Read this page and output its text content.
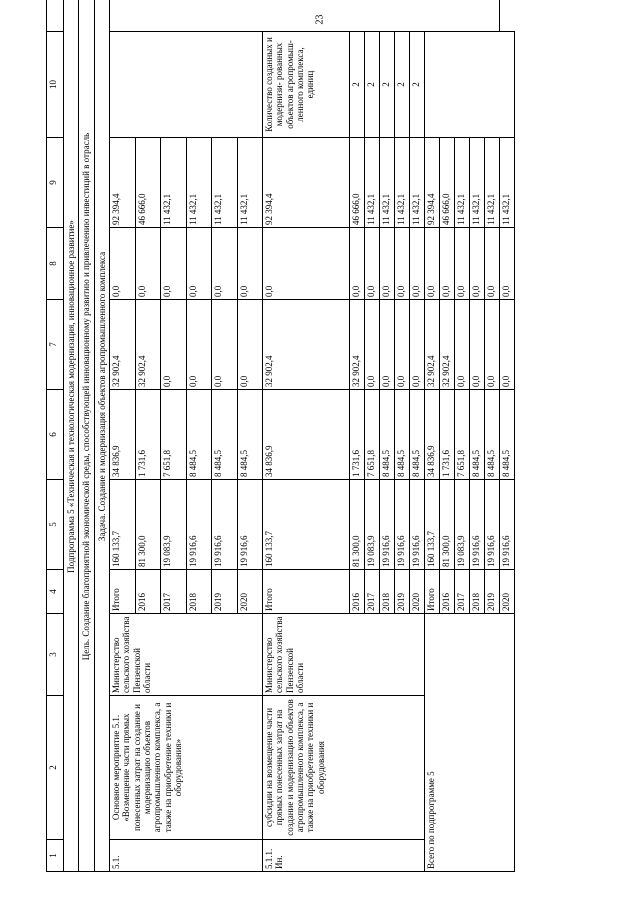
23
1	2	3	4	5	6	7	8	9	10	
Подпрограмма 5 «Техническая и технологическая модернизация, инновационное развитие»										
Цель. Создание благоприятной экономической среды, способствующей инновационному развитию и привлечению инвестиций в отрасль										
Задача. Создание и модернизация объектов агропромышленного комплекса										
5.1.	Основное мероприятие 5.1. «Возмещение части прямых понесенных затрат на создание и модернизацию объектов агропромышленного комплекса, а также на приобретение техники и оборудования»	Министерство сельского хозяйства Пензенской области	Итого	160 133,7	34 836,9	32 902,4	0,0	92 394,4		
			2016	81 300,0	1 731,6	32 902,4	0,0	46 666,0		
			2017	19 083,9	7 651,8	0,0	0,0	11 432,1		
			2018	19 916,6	8 484,5	0,0	0,0	11 432,1		
			2019	19 916,6	8 484,5	0,0	0,0	11 432,1		
			2020	19 916,6	8 484,5	0,0	0,0	11 432,1		
5.1.1. Ин.	субсидии на возмещение части прямых понесенных затрат на создание и модернизацию объектов агропромышленного комплекса, а также на приобретение техники и оборудования	Министерство сельского хозяйства Пензенской области	Итого	160 133,7	34 836,9	32 902,4	0,0	92 394,4	Количество созданных и модернизи- рованных объектов агропромыш- ленного комплекса, единиц	
			2016	81 300,0	1 731,6	32 902,4	0,0	46 666,0	2	
			2017	19 083,9	7 651,8	0,0	0,0	11 432,1	2	
			2018	19 916,6	8 484,5	0,0	0,0	11 432,1	2	
			2019	19 916,6	8 484,5	0,0	0,0	11 432,1	2	
			2020	19 916,6	8 484,5	0,0	0,0	11 432,1	2	
Всего по подпрограмме 5			Итого	160 133,7	34 836,9	32 902,4	0,0	92 394,4		
			2016	81 300,0	1 731,6	32 902,4	0,0	46 666,0		
			2017	19 083,9	7 651,8	0,0	0,0	11 432,1		
			2018	19 916,6	8 484,5	0,0	0,0	11 432,1		
			2019	19 916,6	8 484,5	0,0	0,0	11 432,1		
			2020	19 916,6	8 484,5	0,0	0,0	11 432,1		
